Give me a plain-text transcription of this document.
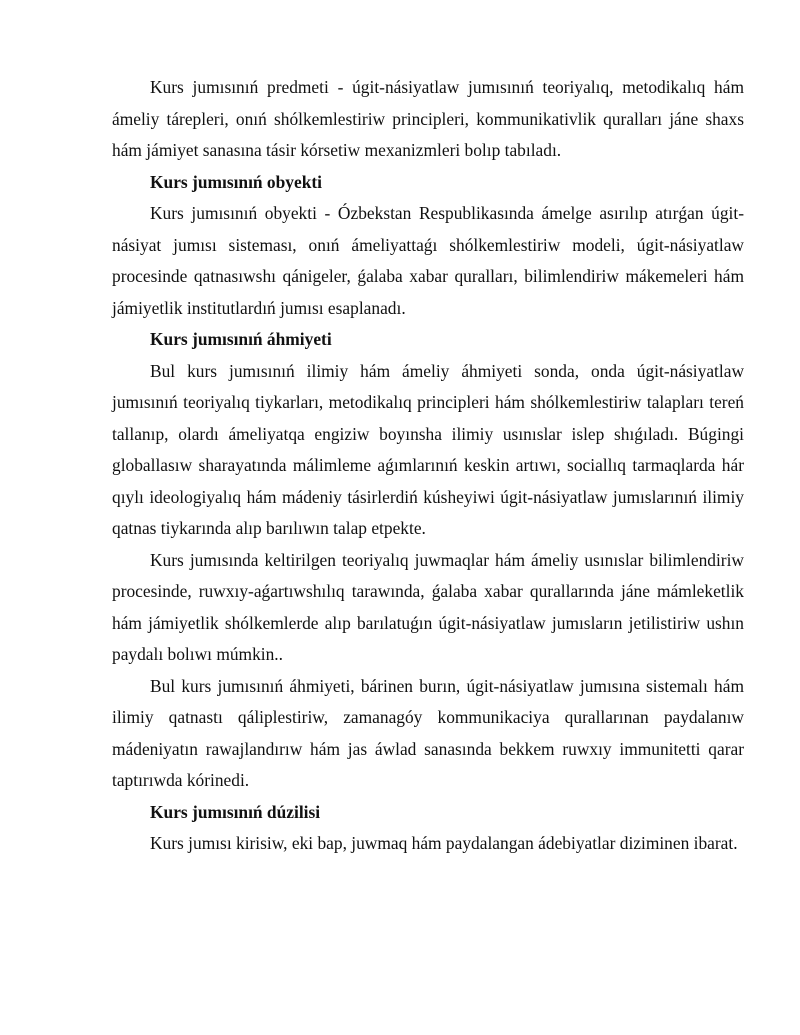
Kurs jumısınıń predmeti - úgit-násiyatlaw jumısınıń teoriyalıq, metodikalıq hám ámeliy tárepleri, onıń shólkemlestiriw principleri, kommunikativlik quralları jáne shaxs hám jámiyet sanasına tásir kórsetiw mexanizmleri bolıp tabıladı.

Kurs jumısınıń obyekti

Kurs jumısınıń obyekti - Ózbekstan Respublikasında ámelge asırılıp atırǵan úgit-násiyat jumısı sisteması, onıń ámeliyattaǵı shólkemlestiriw modeli, úgit-násiyatlaw procesinde qatnasıwshı qánigeler, ǵalaba xabar quralları, bilimlendiriw mákemeleri hám jámiyetlik institutlardıń jumısı esaplanadı.

Kurs jumısınıń áhmiyeti

Bul kurs jumısınıń ilimiy hám ámeliy áhmiyeti sonda, onda úgit-násiyatlaw jumısınıń teoriyalıq tiykarları, metodikalıq principleri hám shólkemlestiriw talapları tereń tallanıp, olardı ámeliyatqa engiziw boyınsha ilimiy usınıslar islep shıǵıladı. Búgingi globallasıw sharayatında málimleme aǵımlarınıń keskin artıwı, sociallıq tarmaqlarda hár qıylı ideologiyalıq hám mádeniy tásirlerdiń kúsheyiwi úgit-násiyatlaw jumıslarınıń ilimiy qatnas tiykarında alıp barılıwın talap etpekte.

Kurs jumısında keltirilgen teoriyalıq juwmaqlar hám ámeliy usınıslar bilimlendiriw procesinde, ruwxıy-aǵartıwshılıq tarawında, ǵalaba xabar qurallarında jáne mámleketlik hám jámiyetlik shólkemlerde alıp barılatuǵın úgit-násiyatlaw jumısların jetilistiriw ushın paydalı bolıwı múmkin..

Bul kurs jumısınıń áhmiyeti, bárinen burın, úgit-násiyatlaw jumısına sistemalı hám ilimiy qatnastı qáliplestiriw, zamanagóy kommunikaciya qurallarınan paydalanıw mádeniyatın rawajlandırıw hám jas áwlad sanasında bekkem ruwxıy immunitetti qarar taptırıwda kórinedi.

Kurs jumısınıń dúzilisi

Kurs jumısı kirisiw, eki bap, juwmaq hám paydalangan ádebiyatlar diziminen ibarat.
